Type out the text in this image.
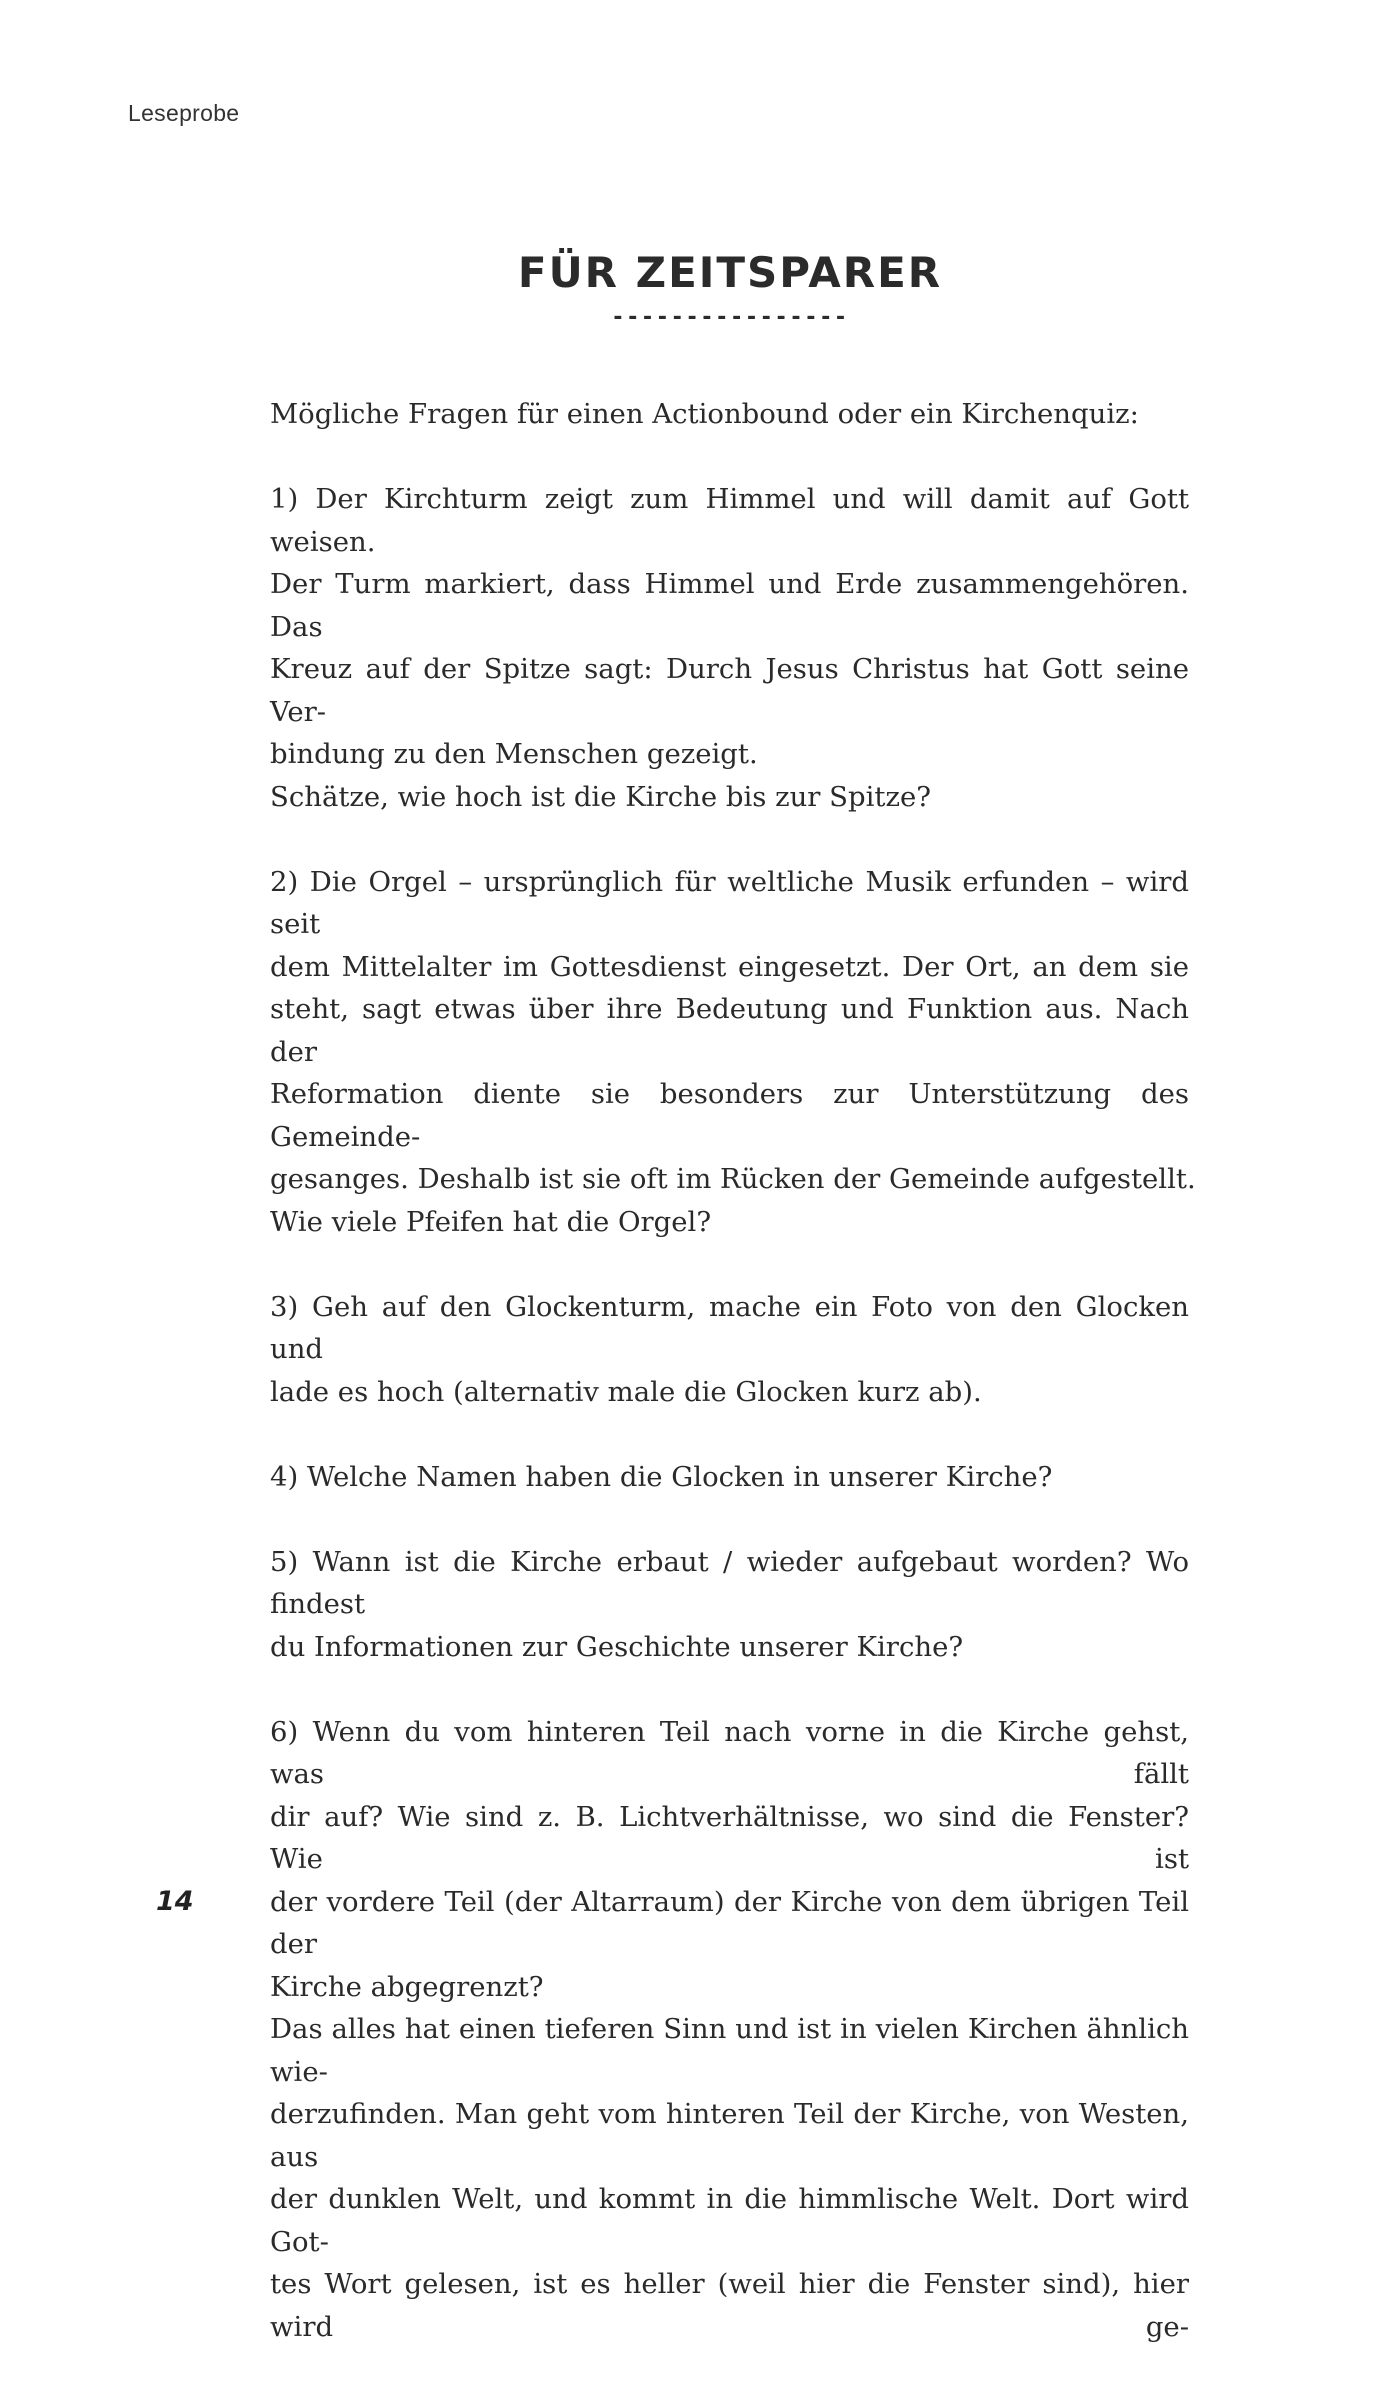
Leseprobe
FÜR ZEITSPARER
----------------

Mögliche Fragen für einen Actionbound oder ein Kirchenquiz:

1) Der Kirchturm zeigt zum Himmel und will damit auf Gott weisen.
Der Turm markiert, dass Himmel und Erde zusammengehören. Das
Kreuz auf der Spitze sagt: Durch Jesus Christus hat Gott seine Ver-
bindung zu den Menschen gezeigt.
Schätze, wie hoch ist die Kirche bis zur Spitze?

2) Die Orgel – ursprünglich für weltliche Musik erfunden – wird seit
dem Mittelalter im Gottesdienst eingesetzt. Der Ort, an dem sie
steht, sagt etwas über ihre Bedeutung und Funktion aus. Nach der
Reformation diente sie besonders zur Unterstützung des Gemeinde-
gesanges. Deshalb ist sie oft im Rücken der Gemeinde aufgestellt.
Wie viele Pfeifen hat die Orgel?

3) Geh auf den Glockenturm, mache ein Foto von den Glocken und
lade es hoch (alternativ male die Glocken kurz ab).

4) Welche Namen haben die Glocken in unserer Kirche?

5) Wann ist die Kirche erbaut / wieder aufgebaut worden? Wo findest
du Informationen zur Geschichte unserer Kirche?

6) Wenn du vom hinteren Teil nach vorne in die Kirche gehst, was fällt
dir auf? Wie sind z. B. Lichtverhältnisse, wo sind die Fenster? Wie ist
der vordere Teil (der Altarraum) der Kirche von dem übrigen Teil der
Kirche abgegrenzt?
Das alles hat einen tieferen Sinn und ist in vielen Kirchen ähnlich wie-
derzufinden. Man geht vom hinteren Teil der Kirche, von Westen, aus
der dunklen Welt, und kommt in die himmlische Welt. Dort wird Got-
tes Wort gelesen, ist es heller (weil hier die Fenster sind), hier wird ge-

14
